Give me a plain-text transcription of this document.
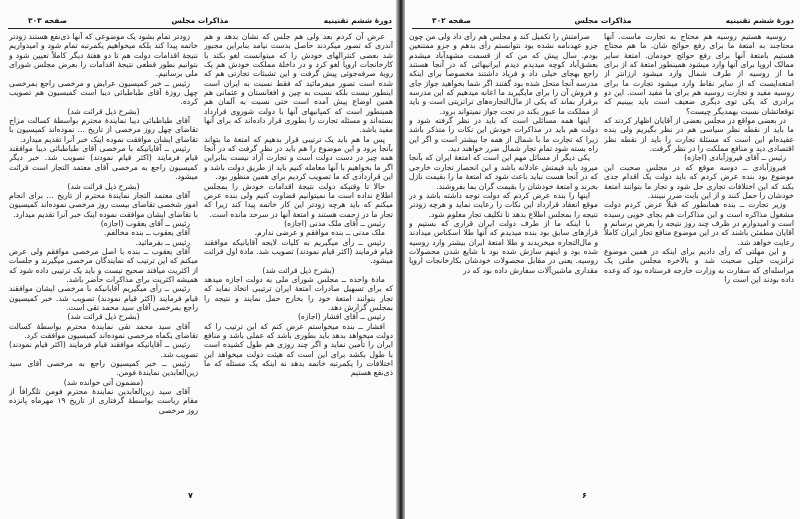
دورهٔ ششم تقنینیه
مذاکرات مجلس
صفحه ۳۰۳

عرض آن کردم بعد ولی هم جلس که نشان بدهد و هم آندری که تصور میکردند حاصل بدست نیامد بنابراین مجبور شد بعضی کنترالهای خودش را که میتوانست لغو بکند با کارخانجات اروپا لغو کرد و در داخلهٔ مملکت خودش هم یک رویهٔ صرفه‌جوئی پیش گرفت و این تشبثات تجارتی هم که شده است تصور میفرمائید که فقط نسبت به ایران است اینطور نیست بلکه نسبت به چین و افغانستان و عثمانی هم همین اوضاع پیش آمده است حتی نسبت به آلمان هم همینطور است که کمپانیهای آنها با دولت شوروی قرارداد بسته‌اند و مسئله تجارت را بطوری قرار داده‌اند که برای آنها مفید باشد.

پس ما هم باید یک ترتیبی قرار بدهیم که امتعهٔ ما بتواند بآنجا برود و این موضوع را هم باید در نظر گرفت که در آنجا همه چیز در دست دولت است و تجارت آزاد نیست بنابراین اگر ما بخواهیم با آنها معامله کنیم باید از طریق دولت باشد و این قراردادی که ما تصویب کردیم برای همین منظور بود.

حالا تا وقتیکه دولت نتیجهٔ اقدامات خودش را بمجلس اطلاع نداده است ما نمیتوانیم قضاوت کنیم ولی بنده عرض میکنم که باید هرچه زودتر این کار خاتمه پیدا کند زیرا که تجار ما در زحمت هستند و امتعهٔ آنها در سرحد مانده است.

رئیس ــ آقای ملک مدنی (اجازه)

ملک مدنی ــ بنده موافقم و عرضی ندارم.

رئیس ــ رأی میگیریم به کلیات لایحه آقایانیکه موافقند قیام فرمایند (اکثر قیام نمودند) تصویب شد. مادهٔ اول قرائت میشود.

(بشرح ذیل قرائت شد)

مادهٔ واحده ــ مجلس شورای ملی به دولت اجازه میدهد که برای تسهیل صادرات امتعهٔ ایران ترتیبی اتخاذ نماید که تجار بتوانند امتعهٔ خود را بخارج حمل نمایند و نتیجه را بمجلس گزارش دهد.

رئیس ــ آقای افشار (اجازه)

افشار ــ بنده میخواستم عرض کنم که این ترتیب را که دولت میخواهد بدهد باید بطوری باشد که عملی باشد و منافع ایران را تأمین نماید و اگر چند روزی هم طول کشیده است با طول بکشد برای این است که هیئت دولت میخواهد این اختلافات را یکمرتبه خاتمه بدهد نه اینکه یک مسئله که ما ذی‌نفع هستیم

زودتر تمام بشود یک موضوعی که آنها ذی‌نفع هستند زودتر خاتمه پیدا کند بلکه میخواهیم یکمرتبه تمام شود و امیدواریم نتیجهٔ اقدامات دولت هم تا دو هفتهٔ دیگر کاملاً تعیین شود و بتوانیم بطور قطعی نتیجهٔ اقدامات را بعرض مجلس شورای ملی برسانیم.

رئیس ــ خبر کمیسیون عرایض و مرخصی راجع بمرخصی چهل روزهٔ آقای طباطبائی دیبا است کمیسیون هم تصویب کرده.

(بشرح ذیل قرائت شد)

آقای طباطبائی دیبا نمایندهٔ محترم بواسطهٔ کسالت مزاج تقاضای چهل روز مرخصی از تاریخ ... نموده‌اند کمیسیون با تقاضای ایشان موافقت نموده اینک خبر آنرا تقدیم میدارد.

رئیس ــ آقایانیکه با مرخصی آقای طباطبائی دیبا موافقند قیام فرمایند (اکثر قیام نمودند) تصویب شد. خبر دیگر کمیسیون راجع به مرخصی آقای معتمد التجار است قرائت میشود.

(بشرح ذیل قرائت شد)

آقای معتمد التجار نمایندهٔ محترم از تاریخ ... برای انجام امور شخصی تقاضای بیست روز مرخصی نموده‌اند کمیسیون با تقاضای ایشان موافقت نموده اینک خبر آنرا تقدیم میدارد.

رئیس ــ آقای یعقوب (اجازه)

آقای یعقوب ــ بنده مخالفم.

رئیس ــ بفرمائید.

آقای یعقوب ــ بنده با اصل مرخصی موافقم ولی عرض میکنم که این ترتیب که نمایندگان مرخصی میگیرند و جلسات از اکثریت میافتد صحیح نیست و باید یک ترتیبی داده شود که همیشه اکثریت برای مذاکرات حاضر باشد.

رئیس ــ رأی میگیریم آقایانیکه با مرخصی ایشان موافقند قیام فرمایند (اکثر قیام نمودند) تصویب شد. خبر کمیسیون راجع بمرخصی آقای سید محمد تقی است.

(بشرح ذیل قرائت شد)

آقای سید محمد تقی نمایندهٔ محترم بواسطهٔ کسالت تقاضای یکماه مرخصی نموده‌اند کمیسیون موافقت کرد.

رئیس ــ آقایانیکه موافقند قیام فرمایند (اکثر قیام نمودند) تصویب شد.

رئیس ــ خبر کمیسیون راجع به مرخصی آقای سید زین‌العابدین نمایندهٔ فومن.

(مضمون آتی خوانده شد)

آقای سید زین‌العابدین نمایندهٔ محترم فومن تلگرافاً از مقام ریاست بواسطهٔ گرفتاری از تاریخ ۱۹ مهرماه پانزده روز مرخصی

۷
دورهٔ ششم تقنینیه
مذاکرات مجلس
صفحه ۳۰۲

روسیه هستیم روسیه هم محتاج به تجارت ماست. آنها محتاجند به امتعهٔ ما برای رفع حوائج شان. ما هم محتاج هستیم بامتعهٔ آنها برای رفع حوائج خودمان. امتعهٔ سایر ممالک اروپا برای آنها وارد میشود همینطور امتعهٔ که از برای ما از روسیه از طرف شمال وارد میشود ارزانتر از امتعه‌ایست که از سایر نقاط وارد میشود تجارت ما برای روسیه مفید و تجارت روسیه هم برای ما مفید است. این دو برادری که یکی توی دیگری ضعیف است باید ببینیم که توقعاتشان نسبت بهمدیگر چیست؟

در بعضی مواقع در مجلس بعضی از آقایان اظهار کردند که ما باید از نقطه نظر سیاسی هم در نظر بگیریم ولی بنده عقیده‌ام این است که مسئلهٔ تجارت را باید از نقطه نظر اقتصادی دید و منافع مملکت را در نظر گرفت.

رئیس ــ آقای فیروزآبادی (اجازه)

فیروزآبادی ــ دوسه موقع که در مجلس صحبت این موضوع بود بنده عرض کردم که باید دولت یک اقدام جدی بکند که این اختلافات تجاری حل شود و تجار ما بتوانند امتعهٔ خودشان را حمل کنند و از این بابت ضرر نبینند.

وزیر تجارت ــ بنده همانطور که قبلاً عرض کردم دولت مشغول مذاکره است و این مذاکرات هم بجای خوبی رسیده است و امیدوارم در ظرف چند روز نتیجه را بعرض برسانم و آقایان مطمئن باشند که در این موضوع منافع تجار ایران کاملاً رعایت خواهد شد.

و این مهلتی که رأی دادیم برای اینکه در همین موضوع ترانزیت خیلی صحبت شد و بالاخره مجلس ملتی یک مراسله‌ای که سفارت به وزارت خارجه فرستاده بود که وعده داده بودند این است را

صرامتش را تکمیل کند و مجلس هم رأی داد ولی من چون جزو عهدنامه نشده بود نتوانستم رأی بدهم و جزو ممتنعین بودم. سال پیش که من که از قسمت مشهدآباد میشدم بعشق‌آباد کوچه میدیدم دیدم ایرانیهائی که در آنجا هستند راجع بهجای خیلی داد و فریاد داشتند مخصوصاً برای اینکه مدرسه آنجا متحل شده بود گفتند اگر شما بخواهید جواز جای و فروش آن را برای مایگیرید ما اعانه میدهیم که این مدرسه برقرار بماند که یکی از مال‌التجاره‌های ترانزیتی است و باید از مملکت ما عبور بکند در تحت جواز نمیتواند برود.

اینها همه مسائلی است که باید در نظر گرفته شود و دولت هم باید در مذاکرات خودش این نکات را متذکر باشد زیرا که تجارت ما با شمال از همه جا بیشتر است و اگر این راه بسته شود تمام تجار شمال ضرر خواهند دید.

یکی دیگر از مسائل مهم این است که امتعهٔ ایران که بآنجا میرود باید قیمتش عادلانه باشد و این انحصار تجارت خارجی که در آنجا هست نباید باعث شود که امتعهٔ ما را بقیمت نازل بخرند و امتعهٔ خودشان را بقیمت گران بما بفروشند.

اینها را بنده عرض کردم که دولت توجه داشته باشد و در موقع انعقاد قرارداد این نکات را رعایت نماید و هرچه زودتر نتیجه را بمجلس اطلاع بدهد تا تکلیف تجار معلوم شود.

با اینکه ما از طرف دولت ایران قراری که بستیم و قرارهای سابق بود بنده میدیدم که آنها طلا اسکناس میدادند و مال‌التجاره میخریدند و طلا امتعهٔ ایران بیشتر وارد روسیه شده بود و اینهم سازش شده بود با شایع شدن محصولات روسیه. یعنی در مقابل محصولات خودشان بکارخانجات اروپا مقداری ماشین‌آلات سفارش داده بود که در

۶
